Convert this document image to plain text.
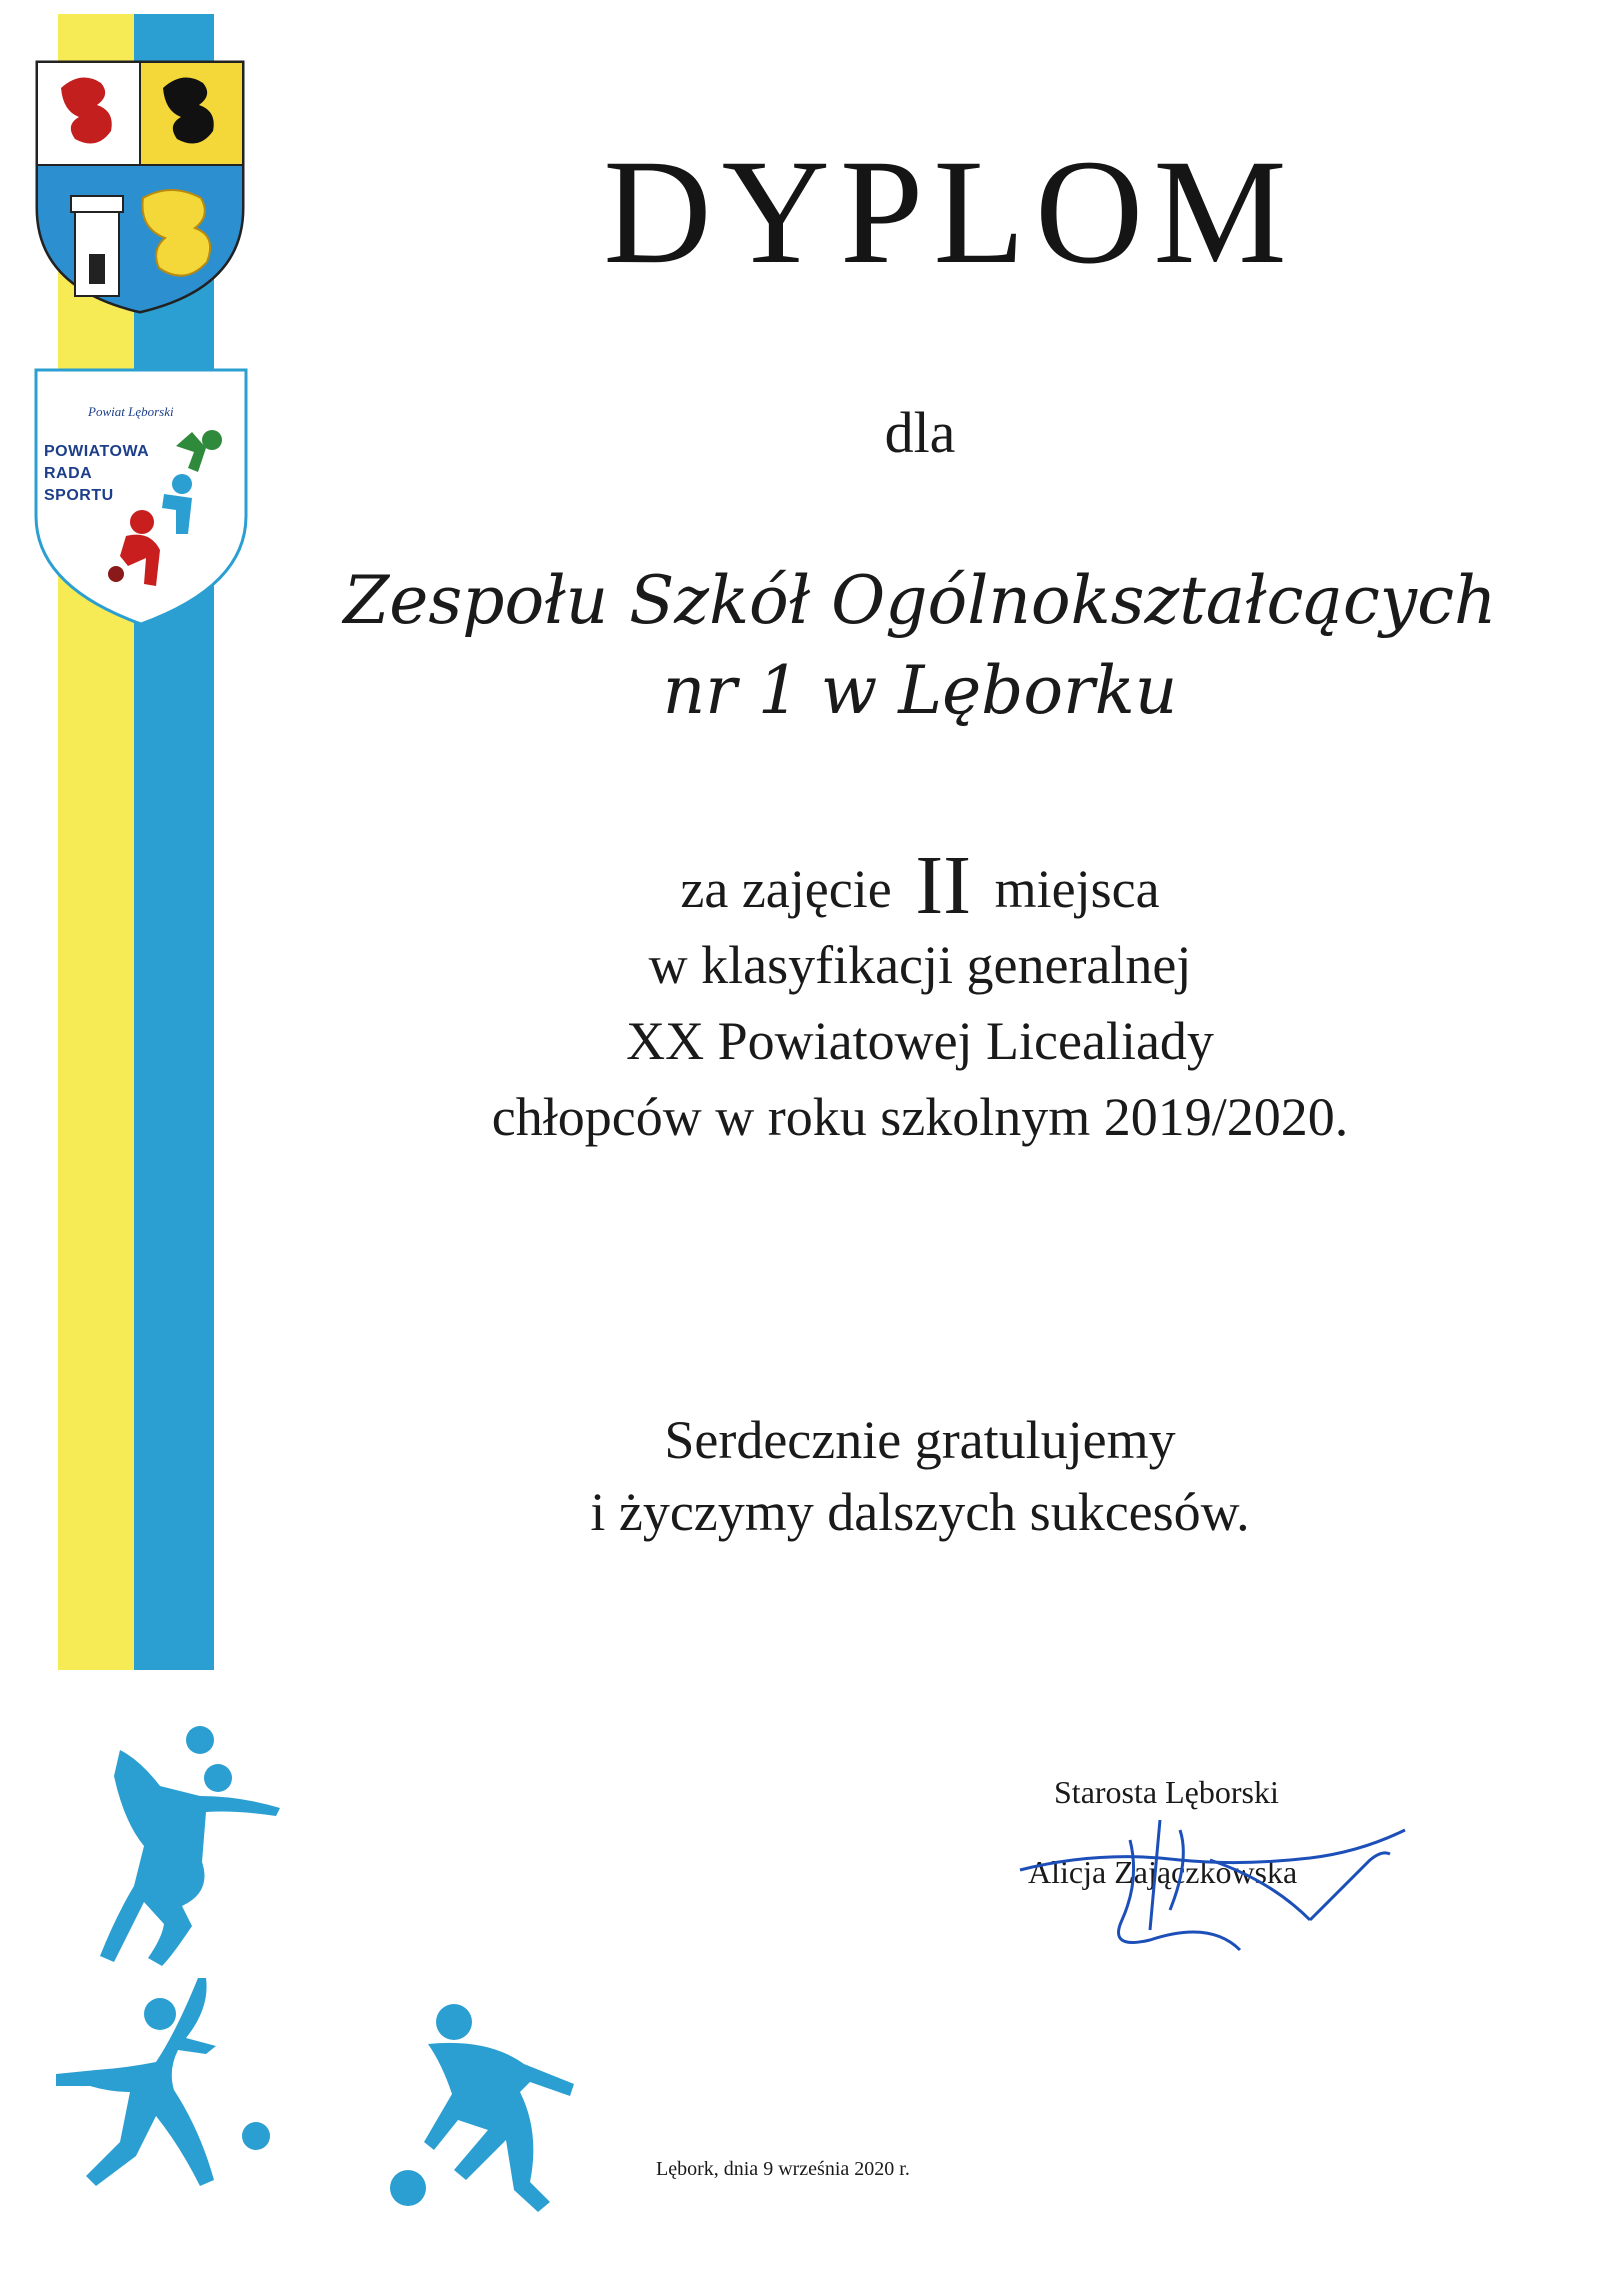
Powiat Lęborski
POWIATOWA
RADA
SPORTU
DYPLOM
dla
Zespołu Szkół Ogólnokształcących
nr 1 w Lęborku
za zajęcie II miejsca
w klasyfikacji generalnej
XX Powiatowej Licealiady
chłopców w roku szkolnym 2019/2020.
Serdecznie gratulujemy
i życzymy dalszych sukcesów.
Starosta Lęborski
Alicja Zajączkowska
Lębork, dnia 9 września 2020 r.
